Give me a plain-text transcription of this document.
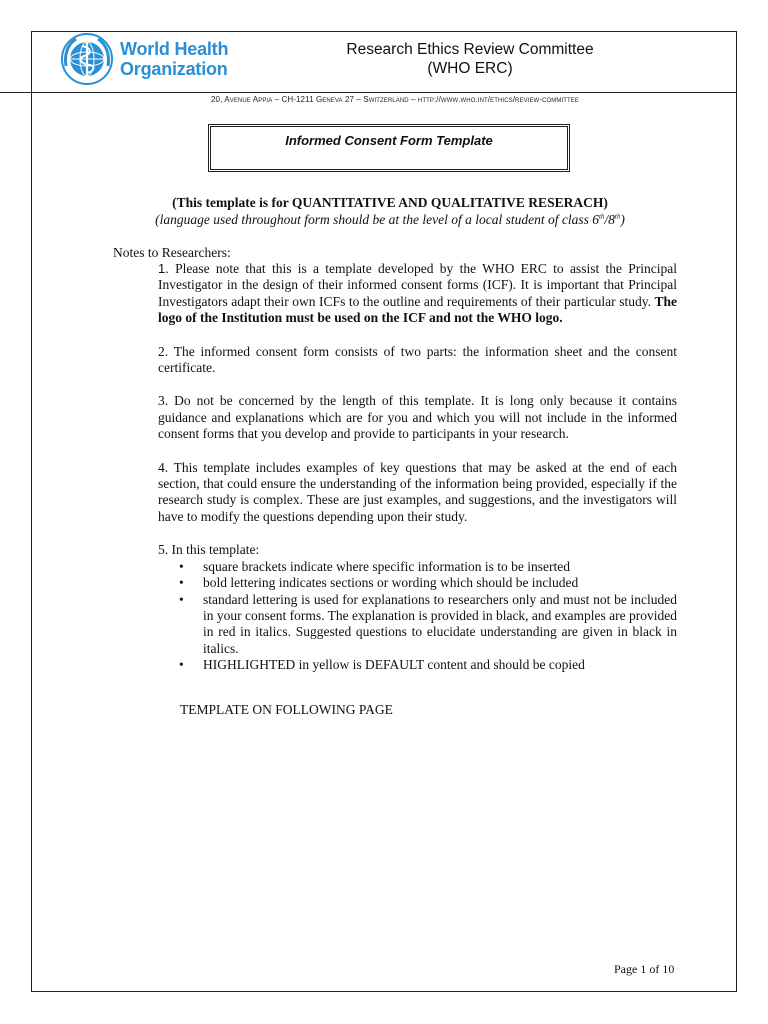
World Health
Organization
Research Ethics Review Committee
(WHO ERC)
20, Avenue Appia – CH-1211 Geneva 27 – Switzerland – http://www.who.int/ethics/review-committee
Informed Consent Form Template
(This template is for QUANTITATIVE AND QUALITATIVE RESERACH)
(language used throughout form should be at the level of a local student of class 6th/8th)
Notes to Researchers:

1. Please note that this is a template developed by the WHO ERC to assist the Principal Investigator in the design of their informed consent forms (ICF). It is important that Principal Investigators adapt their own ICFs to the outline and requirements of their particular study. The logo of the Institution must be used on the ICF and not the WHO logo.

2. The informed consent form consists of two parts: the information sheet and the consent certificate.

3. Do not be concerned by the length of this template. It is long only because it contains guidance and explanations which are for you and which you will not include in the informed consent forms that you develop and provide to participants in your research.

4. This template includes examples of key questions that may be asked at the end of each section, that could ensure the understanding of the information being provided, especially if the research study is complex. These are just examples, and suggestions, and the investigators will have to modify the questions depending upon their study.

5. In this template:
• square brackets indicate where specific information is to be inserted
• bold lettering indicates sections or wording which should be included
• standard lettering is used for explanations to researchers only and must not be included in your consent forms. The explanation is provided in black, and examples are provided in red in italics. Suggested questions to elucidate understanding are given in black in italics.
• HIGHLIGHTED in yellow is DEFAULT content and should be copied
TEMPLATE ON FOLLOWING PAGE
Page 1 of 10
